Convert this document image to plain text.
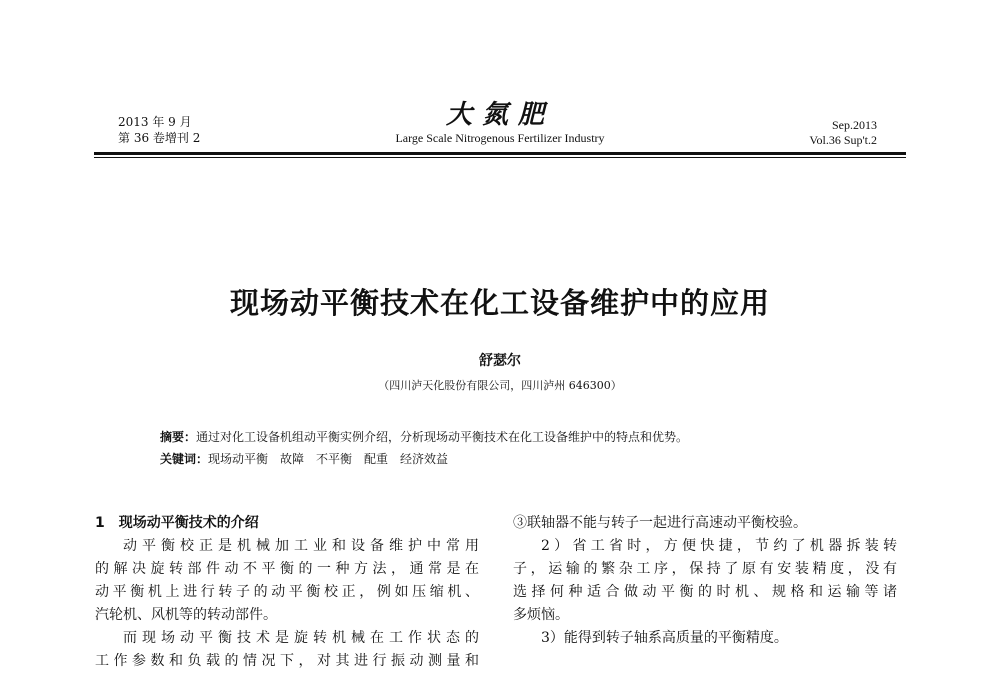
2013 年 9 月
第 36 卷增刊 2
大氮肥
Large Scale Nitrogenous Fertilizer Industry
Sep.2013
Vol.36 Sup't.2
现场动平衡技术在化工设备维护中的应用
舒瑟尔
（四川泸天化股份有限公司，四川泸州 646300）
摘要：通过对化工设备机组动平衡实例介绍，分析现场动平衡技术在化工设备维护中的特点和优势。
关键词：现场动平衡　故障　不平衡　配重　经济效益
1 现场动平衡技术的介绍

动平衡校正是机械加工业和设备维护中常用

的解决旋转部件动不平衡的一种方法，通常是在

动平衡机上进行转子的动平衡校正，例如压缩机、

汽轮机、风机等的转动部件。

而现场动平衡技术是旋转机械在工作状态的

工作参数和负载的情况下，对其进行振动测量和

③联轴器不能与转子一起进行高速动平衡校验。

2）省工省时，方便快捷，节约了机器拆装转

子，运输的繁杂工序，保持了原有安装精度，没有

选择何种适合做动平衡的时机、规格和运输等诸

多烦恼。

3）能得到转子轴系高质量的平衡精度。
